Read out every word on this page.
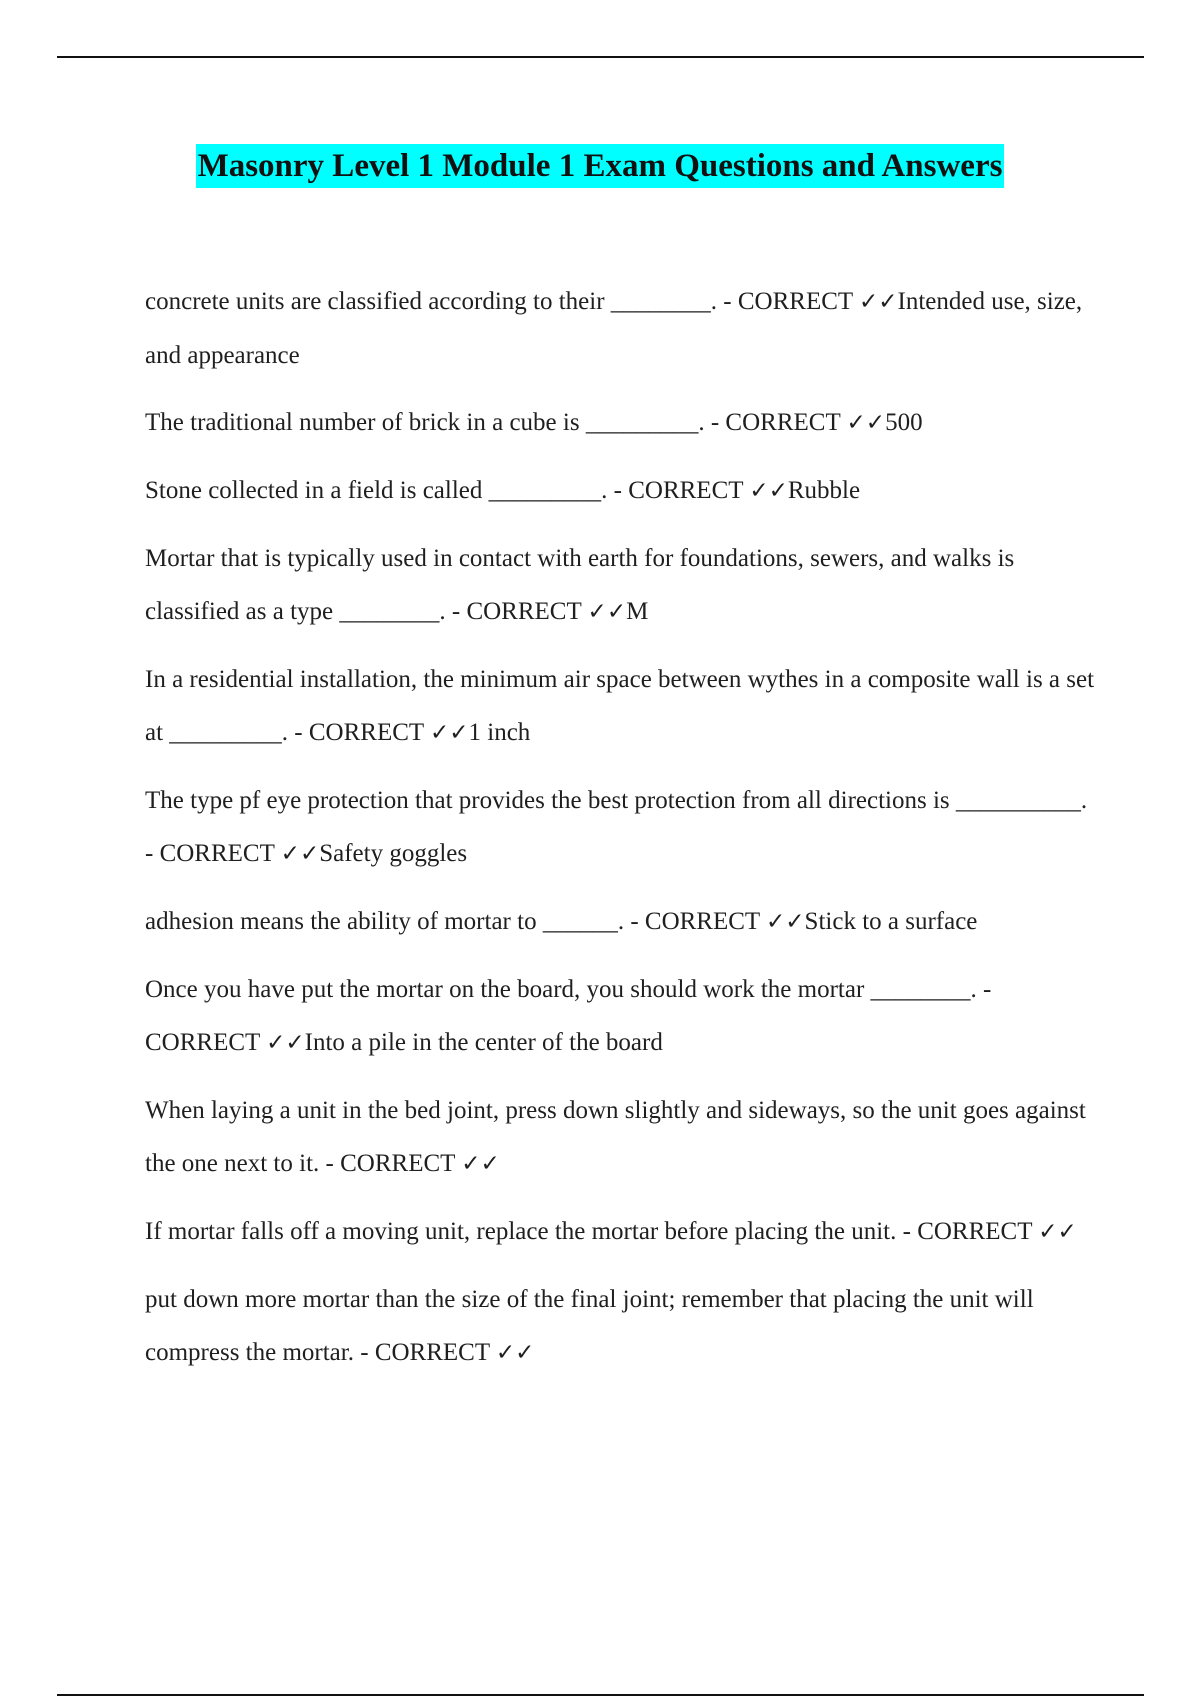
Masonry Level 1 Module 1 Exam Questions and Answers

concrete units are classified according to their ________. - CORRECT ✓✓Intended use, size, and appearance

The traditional number of brick in a cube is _________. - CORRECT ✓✓500

Stone collected in a field is called _________. - CORRECT ✓✓Rubble

Mortar that is typically used in contact with earth for foundations, sewers, and walks is classified as a type ________. - CORRECT ✓✓M

In a residential installation, the minimum air space between wythes in a composite wall is a set at _________. - CORRECT ✓✓1 inch

The type pf eye protection that provides the best protection from all directions is __________. - CORRECT ✓✓Safety goggles

adhesion means the ability of mortar to ______. - CORRECT ✓✓Stick to a surface

Once you have put the mortar on the board, you should work the mortar ________. - CORRECT ✓✓Into a pile in the center of the board

When laying a unit in the bed joint, press down slightly and sideways, so the unit goes against the one next to it. - CORRECT ✓✓

If mortar falls off a moving unit, replace the mortar before placing the unit. - CORRECT ✓✓

put down more mortar than the size of the final joint; remember that placing the unit will compress the mortar. - CORRECT ✓✓
